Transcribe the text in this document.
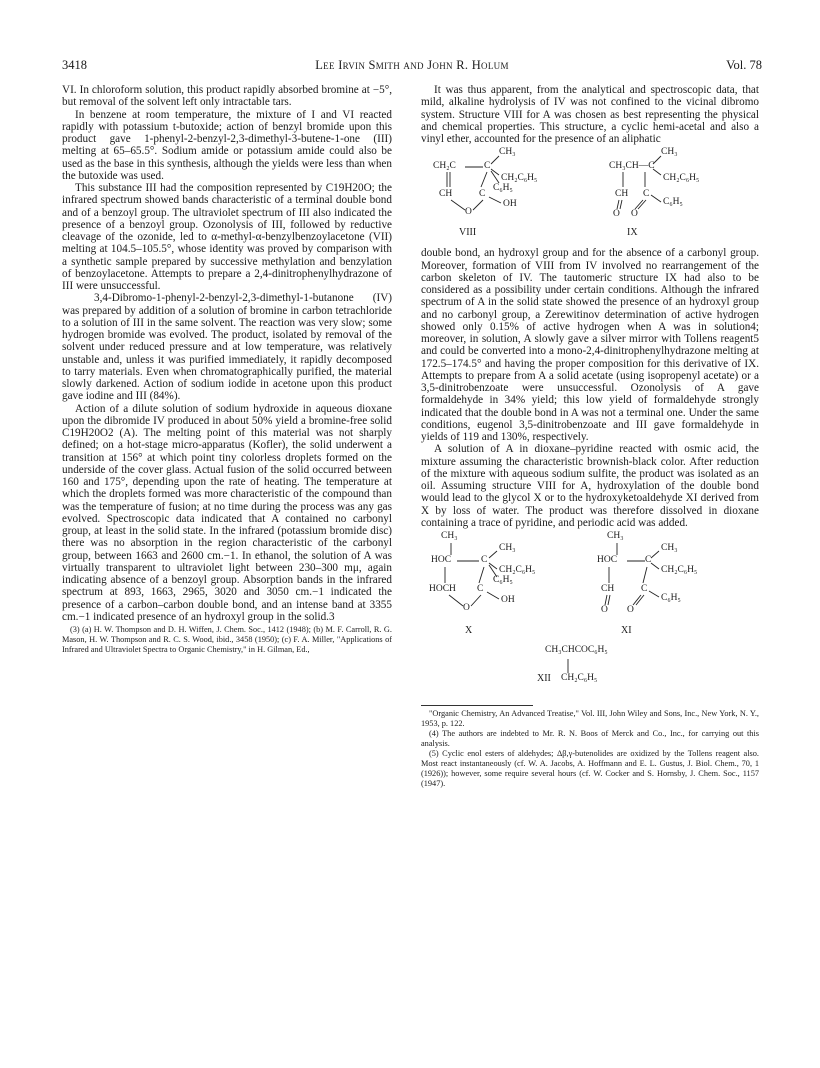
3418	Lee Irvin Smith and John R. Holum	Vol. 78

VI. In chloroform solution, this product rapidly absorbed bromine at −5°, but removal of the solvent left only intractable tars.

In benzene at room temperature, the mixture of I and VI reacted rapidly with potassium t-butoxide; action of benzyl bromide upon this product gave 1-phenyl-2-benzyl-2,3-dimethyl-3-butene-1-one (III) melting at 65–65.5°. Sodium amide or potassium amide could also be used as the base in this synthesis, although the yields were less than when the butoxide was used.

This substance III had the composition represented by C19H20O; the infrared spectrum showed bands characteristic of a terminal double bond and of a benzoyl group. The ultraviolet spectrum of III also indicated the presence of a benzoyl group. Ozonolysis of III, followed by reductive cleavage of the ozonide, led to α-methyl-α-benzylbenzoylacetone (VII) melting at 104.5–105.5°, whose identity was proved by comparison with a synthetic sample prepared by successive methylation and benzylation of benzoylacetone. Attempts to prepare a 2,4-dinitrophenylhydrazone of III were unsuccessful.

3,4-Dibromo-1-phenyl-2-benzyl-2,3-dimethyl-1-butanone (IV) was prepared by addition of a solution of bromine in carbon tetrachloride to a solution of III in the same solvent. The reaction was very slow; some hydrogen bromide was evolved. The product, isolated by removal of the solvent under reduced pressure and at low temperature, was relatively unstable and, unless it was purified immediately, it rapidly decomposed to tarry materials. Even when chromatographically purified, the material slowly darkened. Action of sodium iodide in acetone upon this product gave iodine and III (84%).

Action of a dilute solution of sodium hydroxide in aqueous dioxane upon the dibromide IV produced in about 50% yield a bromine-free solid C19H20O2 (A). The melting point of this material was not sharply defined; on a hot-stage micro-apparatus (Kofler), the solid underwent a transition at 156° at which point tiny colorless droplets formed on the underside of the cover glass. Actual fusion of the solid occurred between 160 and 175°, depending upon the rate of heating. The temperature at which the droplets formed was more characteristic of the compound than was the temperature of fusion; at no time during the process was any gas evolved. Spectroscopic data indicated that A contained no carbonyl group, at least in the solid state. In the infrared (potassium bromide disc) there was no absorption in the region characteristic of the carbonyl group, between 1663 and 2600 cm.−1. In ethanol, the solution of A was virtually transparent to ultraviolet light between 230–300 mμ, again indicating absence of a benzoyl group. Absorption bands in the infrared spectrum at 893, 1663, 2965, 3020 and 3050 cm.−1 indicated the presence of a carbon–carbon double bond, and an intense band at 3355 cm.−1 indicated presence of an hydroxyl group in the solid.3

(3) (a) H. W. Thompson and D. H. Wiffen, J. Chem. Soc., 1412 (1948); (b) M. F. Carroll, R. G. Mason, H. W. Thompson and R. C. S. Wood, ibid., 3458 (1950); (c) F. A. Miller, "Applications of Infrared and Ultraviolet Spectra to Organic Chemistry," in H. Gilman, Ed.,

It was thus apparent, from the analytical and spectroscopic data, that mild, alkaline hydrolysis of IV was not confined to the vicinal dibromo system. Structure VIII for A was chosen as best representing the physical and chemical properties. This structure, a cyclic hemi-acetal and also a vinyl ether, accounted for the presence of an aliphatic

CH₃
CH₂C	C
CH₂C₆H₅
C₆H₅
CH	C
OH
O
VIII
CH₃
CH₃CH—C
CH₂C₆H₅
CH C
C₆H₅
O O
IX

double bond, an hydroxyl group and for the absence of a carbonyl group. Moreover, formation of VIII from IV involved no rearrangement of the carbon skeleton of IV. The tautomeric structure IX had also to be considered as a possibility under certain conditions. Although the infrared spectrum of A in the solid state showed the presence of an hydroxyl group and no carbonyl group, a Zerewitinov determination of active hydrogen showed only 0.15% of active hydrogen when A was in solution4; moreover, in solution, A slowly gave a silver mirror with Tollens reagent5 and could be converted into a mono-2,4-dinitrophenylhydrazone melting at 172.5–174.5° and having the proper composition for this derivative of IX. Attempts to prepare from A a solid acetate (using isopropenyl acetate) or a 3,5-dinitrobenzoate were unsuccessful. Ozonolysis of A gave formaldehyde in 34% yield; this low yield of formaldehyde strongly indicated that the double bond in A was not a terminal one. Under the same conditions, eugenol 3,5-dinitrobenzoate and III gave formaldehyde in yields of 119 and 130%, respectively.

A solution of A in dioxane–pyridine reacted with osmic acid, the mixture assuming the characteristic brownish-black color. After reduction of the mixture with aqueous sodium sulfite, the product was isolated as an oil. Assuming structure VIII for A, hydroxylation of the double bond would lead to the glycol X or to the hydroxyketoaldehyde XI derived from X by loss of water. The product was therefore dissolved in dioxane containing a trace of pyridine, and periodic acid was added.

CH₃
HOC	C
CH₃
CH₂C₆H₅
C₆H₅
HOCH C
OH
O
X
CH₃
HOC	C
CH₃
CH₂C₆H₅
CH	C
C₆H₅
O O
XI
CH₃CHCOC₆H₅
XII CH₂C₆H₅

"Organic Chemistry, An Advanced Treatise," Vol. III, John Wiley and Sons, Inc., New York, N. Y., 1953, p. 122.

(4) The authors are indebted to Mr. R. N. Boos of Merck and Co., Inc., for carrying out this analysis.

(5) Cyclic enol esters of aldehydes; Δβ,γ-butenolides are oxidized by the Tollens reagent also. Most react instantaneously (cf. W. A. Jacobs, A. Hoffmann and E. L. Gustus, J. Biol. Chem., 70, 1 (1926)); however, some require several hours (cf. W. Cocker and S. Hornsby, J. Chem. Soc., 1157 (1947).
